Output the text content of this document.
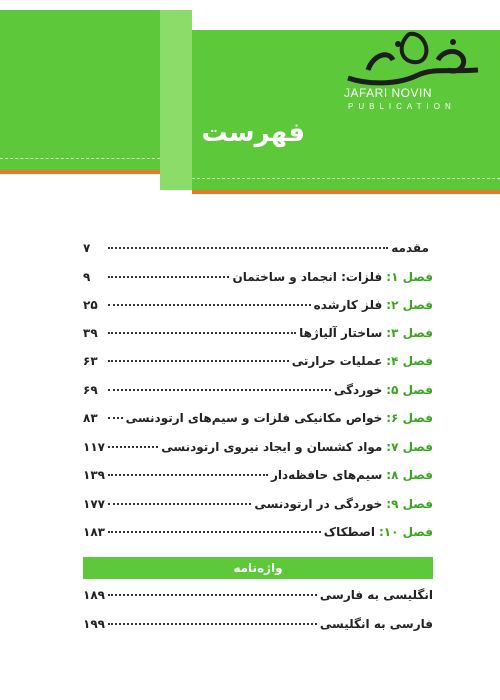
JAFARI NOVIN
PUBLICATION
فهرست
مقدمه
۷
فصل ۱:
فلزات: انجماد و ساختمان
۹
فصل ۲:
فلز کارشده
۲۵
فصل ۳:
ساختار آلیاژها
۳۹
فصل ۴:
عملیات حرارتی
۶۳
فصل ۵:
خوردگی
۶۹
فصل ۶:
خواص مکانیکی فلزات و سیم‌های ارتودنسی
۸۳
فصل ۷:
مواد کشسان و ایجاد نیروی ارتودنسی
۱۱۷
فصل ۸:
سیم‌های حافظه‌دار
۱۳۹
فصل ۹:
خوردگی در ارتودنسی
۱۷۷
فصل ۱۰:
اصطکاک
۱۸۳
واژه‌نامه
انگلیسی به فارسی
۱۸۹
فارسی به انگلیسی
۱۹۹
